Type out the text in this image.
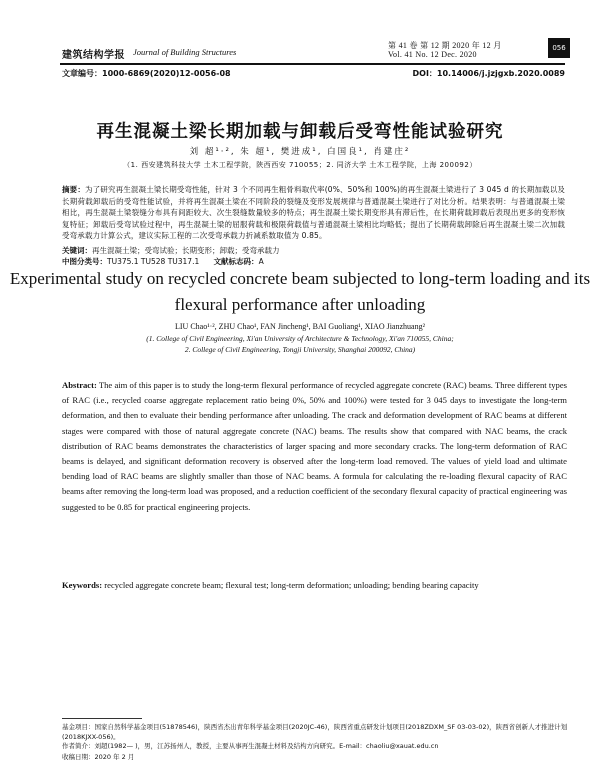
建筑结构学报 Journal of Building Structures
第 41 卷 第 12 期 2020 年 12 月
Vol. 41 No. 12 Dec. 2020
056
文章编号：1000-6869(2020)12-0056-08	DOI：10.14006/j.jzjgxb.2020.0089
再生混凝土梁长期加载与卸载后受弯性能试验研究
刘 超¹·², 朱 超¹, 樊进成¹, 白国良¹, 肖建庄²
（1. 西安建筑科技大学 土木工程学院，陕西西安 710055；2. 同济大学 土木工程学院，上海 200092）
摘要：为了研究再生混凝土梁长期受弯性能，针对 3 个不同再生粗骨料取代率(0%、50%和 100%)的再生混凝土梁进行了 3 045 d 的长期加载以及长期荷载卸载后的受弯性能试验，并将再生混凝土梁在不同阶段的裂缝及变形发展规律与普通混凝土梁进行了对比分析。结果表明：与普通混凝土梁相比，再生混凝土梁裂缝分布具有间距较大、次生裂缝数量较多的特点；再生混凝土梁长期变形具有滞后性，在长期荷载卸载后表现出更多的变形恢复特征；卸载后受弯试验过程中，再生混凝土梁的屈服荷载和极限荷载值与普通混凝土梁相比均略低；提出了长期荷载卸除后再生混凝土梁二次加载受弯承载力计算公式，建议实际工程的二次受弯承载力折减系数取值为 0.85。
关键词：再生混凝土梁；受弯试验；长期变形；卸载；受弯承载力
中图分类号：TU375.1 TU528 TU317.1 文献标志码：A
Experimental study on recycled concrete beam subjected to long-term loading and its flexural performance after unloading
LIU Chao¹·², ZHU Chao¹, FAN Jincheng¹, BAI Guoliang¹, XIAO Jianzhuang²
(1. College of Civil Engineering, Xi'an University of Architecture & Technology, Xi'an 710055, China;
2. College of Civil Engineering, Tongji University, Shanghai 200092, China)
Abstract: The aim of this paper is to study the long-term flexural performance of recycled aggregate concrete (RAC) beams. Three different types of RAC (i.e., recycled coarse aggregate replacement ratio being 0%, 50% and 100%) were tested for 3 045 days to investigate the long-term deformation, and then to evaluate their bending performance after unloading. The crack and deformation development of RAC beams at different stages were compared with those of natural aggregate concrete (NAC) beams. The results show that compared with NAC beams, the crack distribution of RAC beams demonstrates the characteristics of larger spacing and more secondary cracks. The long-term deformation of RAC beams is delayed, and significant deformation recovery is observed after the long-term load removed. The values of yield load and ultimate bending load of RAC beams are slightly smaller than those of NAC beams. A formula for calculating the re-loading flexural capacity of RAC beams after removing the long-term load was proposed, and a reduction coefficient of the secondary flexural capacity of practical engineering was suggested to be 0.85 for practical engineering projects.
Keywords: recycled aggregate concrete beam; flexural test; long-term deformation; unloading; bending bearing capacity
基金项目：国家自然科学基金项目(51878546)，陕西省杰出青年科学基金项目(2020JC-46)，陕西省重点研发计划项目(2018ZDXM_SF 03-03-02)，陕西省创新人才推进计划(2018KJXX-056)。
作者简介：刘超(1982— )，男，江苏扬州人，教授，主要从事再生混凝土材料及结构方向研究。E-mail：chaoliu@xauat.edu.cn
收稿日期：2020 年 2 月
